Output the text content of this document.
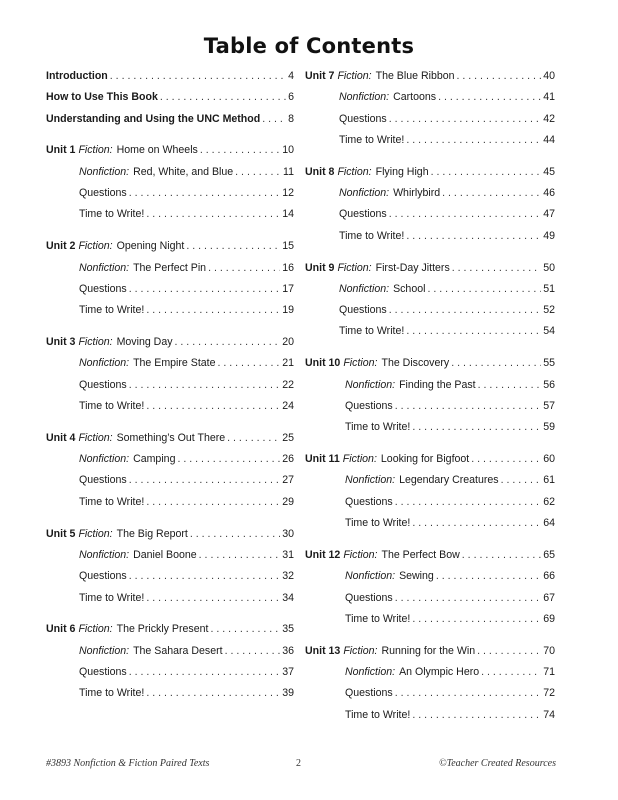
Table of Contents
Introduction . . .	4
How to Use This Book . . .	6
Understanding and Using the UNC Method . . .	8
Unit 1 Fiction: Home on Wheels . . .	10
Nonfiction: Red, White, and Blue . . .	11
Questions . . .	12
Time to Write! . . .	14
Unit 2 Fiction: Opening Night . . .	15
Nonfiction: The Perfect Pin . . .	16
Questions . . .	17
Time to Write! . . .	19
Unit 3 Fiction: Moving Day . . .	20
Nonfiction: The Empire State . . .	21
Questions . . .	22
Time to Write! . . .	24
Unit 4 Fiction: Something’s Out There . . .	25
Nonfiction: Camping . . .	26
Questions . . .	27
Time to Write! . . .	29
Unit 5 Fiction: The Big Report . . .	30
Nonfiction: Daniel Boone . . .	31
Questions . . .	32
Time to Write! . . .	34
Unit 6 Fiction: The Prickly Present . . .	35
Nonfiction: The Sahara Desert . . .	36
Questions . . .	37
Time to Write! . . .	39
Unit 7 Fiction: The Blue Ribbon . . .	40
Nonfiction: Cartoons . . .	41
Questions . . .	42
Time to Write! . . .	44
Unit 8 Fiction: Flying High . . .	45
Nonfiction: Whirlybird . . .	46
Questions . . .	47
Time to Write! . . .	49
Unit 9 Fiction: First-Day Jitters . . .	50
Nonfiction: School . . .	51
Questions . . .	52
Time to Write! . . .	54
Unit 10 Fiction: The Discovery . . .	55
Nonfiction: Finding the Past . . .	56
Questions . . .	57
Time to Write! . . .	59
Unit 11 Fiction: Looking for Bigfoot . . .	60
Nonfiction: Legendary Creatures . . .	61
Questions . . .	62
Time to Write! . . .	64
Unit 12 Fiction: The Perfect Bow . . .	65
Nonfiction: Sewing . . .	66
Questions . . .	67
Time to Write! . . .	69
Unit 13 Fiction: Running for the Win . . .	70
Nonfiction: An Olympic Hero . . .	71
Questions . . .	72
Time to Write! . . .	74
#3893 Nonfiction & Fiction Paired Texts	2	©Teacher Created Resources
